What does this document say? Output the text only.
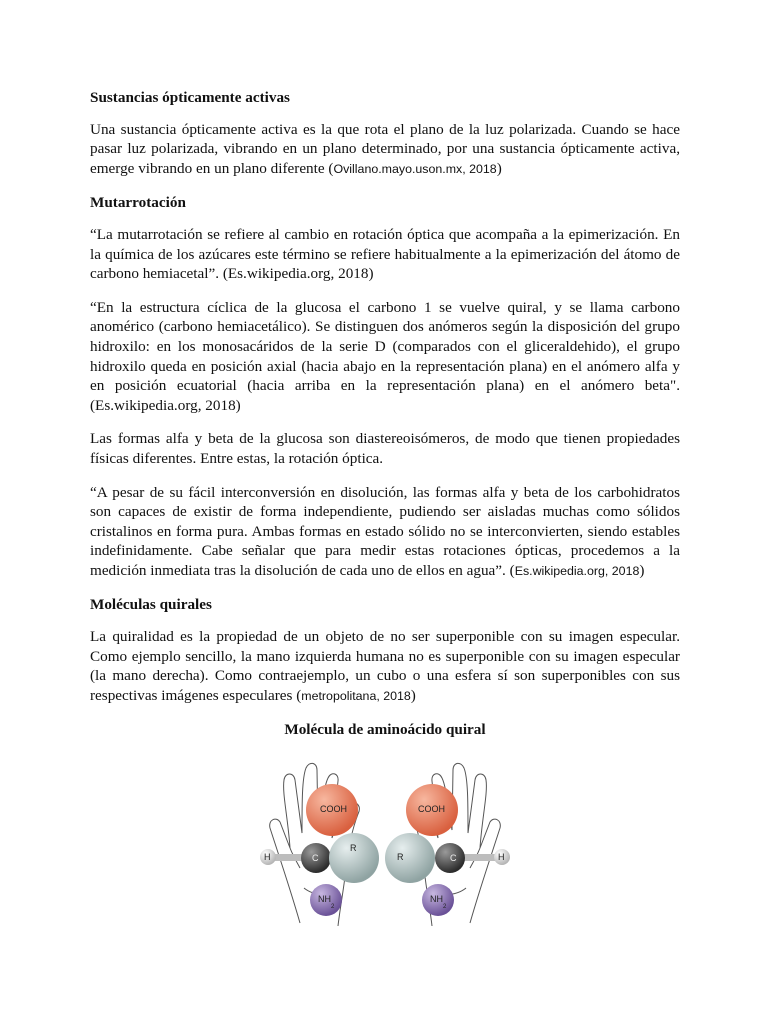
Sustancias ópticamente activas

Una sustancia ópticamente activa es la que rota el plano de la luz polarizada. Cuando se hace pasar luz polarizada, vibrando en un plano determinado, por una sustancia ópticamente activa, emerge vibrando en un plano diferente (Ovillano.mayo.uson.mx, 2018)

Mutarrotación

“La mutarrotación se refiere al cambio en rotación óptica que acompaña a la epimerización. En la química de los azúcares este término se refiere habitualmente a la epimerización del átomo de carbono hemiacetal”. (Es.wikipedia.org, 2018)

“En la estructura cíclica de la glucosa el carbono 1 se vuelve quiral, y se llama carbono anomérico (carbono hemiacetálico). Se distinguen dos anómeros según la disposición del grupo hidroxilo: en los monosacáridos de la serie D (comparados con el gliceraldehido), el grupo hidroxilo queda en posición axial (hacia abajo en la representación plana) en el anómero alfa y en posición ecuatorial (hacia arriba en la representación plana) en el anómero beta". (Es.wikipedia.org, 2018)

Las formas alfa y beta de la glucosa son diastereoisómeros, de modo que tienen propiedades físicas diferentes. Entre estas, la rotación óptica.

“A pesar de su fácil interconversión en disolución, las formas alfa y beta de los carbohidratos son capaces de existir de forma independiente, pudiendo ser aisladas muchas como sólidos cristalinos en forma pura. Ambas formas en estado sólido no se interconvierten, siendo estables indefinidamente. Cabe señalar que para medir estas rotaciones ópticas, procedemos a la medición inmediata tras la disolución de cada uno de ellos en agua”. (Es.wikipedia.org, 2018)

Moléculas quirales

La quiralidad es la propiedad de un objeto de no ser superponible con su imagen especular. Como ejemplo sencillo, la mano izquierda humana no es superponible con su imagen especular (la mano derecha). Como contraejemplo, un cubo o una esfera sí son superponibles con sus respectivas imágenes especulares (metropolitana, 2018)

Molécula de aminoácido quiral
H
COOH
NH
2
C
R
H
COOH
NH
2
R	C
